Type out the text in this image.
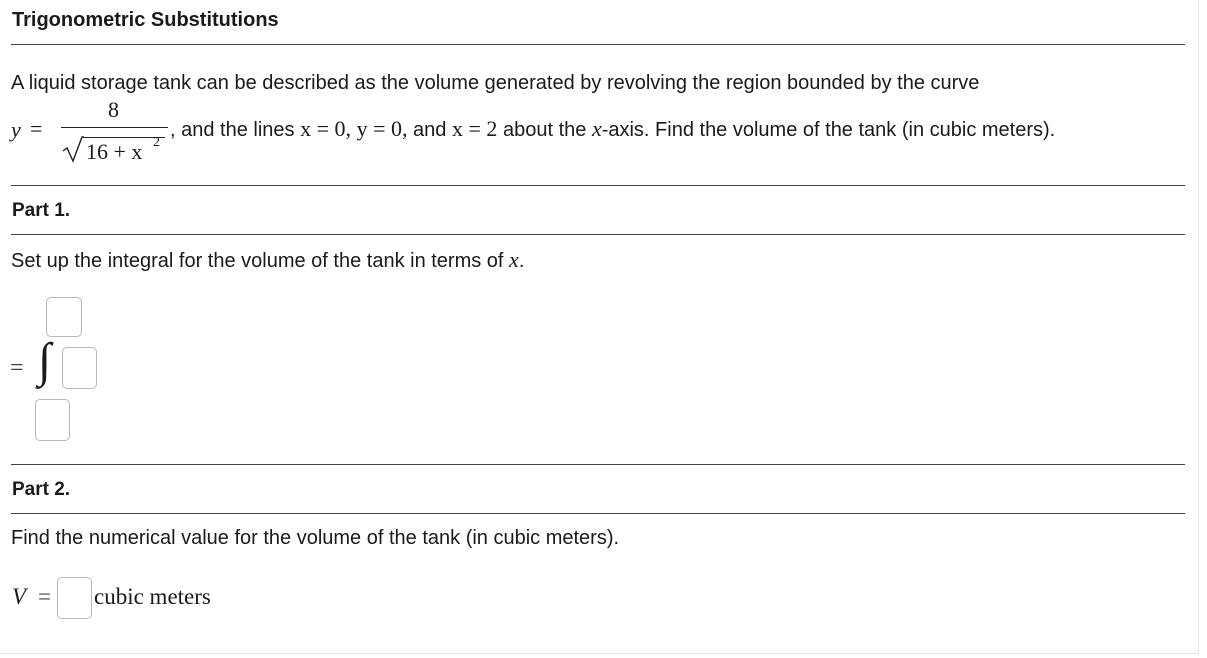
Trigonometric Substitutions
A liquid storage tank can be described as the volume generated by revolving the region bounded by the curve
y =
8
16 + x 2
, and the lines x = 0, y = 0, and x = 2 about the x-axis. Find the volume of the tank (in cubic meters).
Part 1.
Set up the integral for the volume of the tank in terms of x.
= ∫
Part 2.
Find the numerical value for the volume of the tank (in cubic meters).
V = cubic meters
